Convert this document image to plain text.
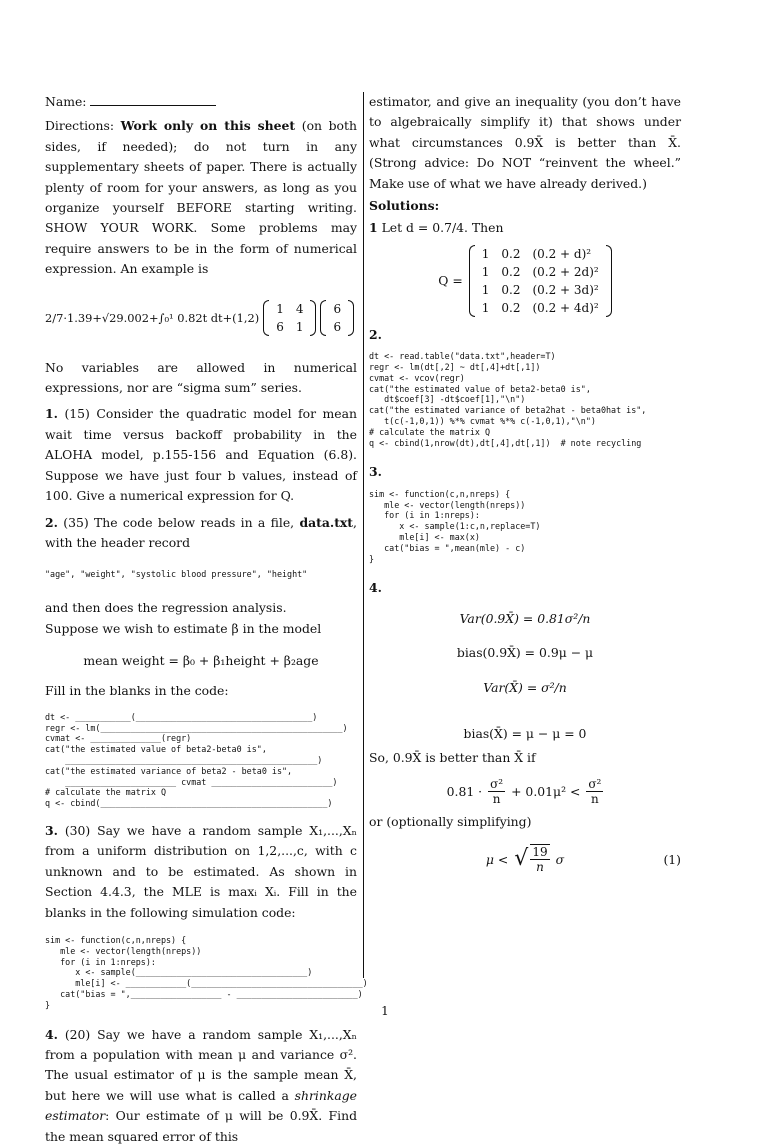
Name:

Directions: Work only on this sheet (on both sides, if needed); do not turn in any supplementary sheets of paper. There is actually plenty of room for your answers, as long as you organize yourself BEFORE starting writing. SHOW YOUR WORK. Some problems may require answers to be in the form of numerical expression. An example is

2/7·1.39+√29.002+∫₀¹ 0.82t dt+(1,2)
1	4
6	1
6
6

No variables are allowed in numerical expressions, nor are “sigma sum” series.

1. (15) Consider the quadratic model for mean wait time versus backoff probability in the ALOHA model, p.155-156 and Equation (6.8). Suppose we have just four b values, instead of 100. Give a numerical expression for Q.

2. (35) The code below reads in a file, data.txt, with the header record

"age", "weight", "systolic blood pressure", "height"

and then does the regression analysis.

Suppose we wish to estimate β in the model

mean weight = β₀ + β₁height + β₂age

Fill in the blanks in the code:

dt <- ___________(___________________________________)
regr <- lm(________________________________________________)
cvmat <- ______________(regr)
cat("the estimated value of beta2-beta0 is",
__________________________________________________)
cat("the estimated variance of beta2 - beta0 is",
______________________ cvmat ________________________)
# calculate the matrix Q
q <- cbind(_____________________________________________)

3. (30) Say we have a random sample X₁,...,Xₙ from a uniform distribution on 1,2,...,c, with c unknown and to be estimated. As shown in Section 4.4.3, the MLE is maxᵢ Xᵢ. Fill in the blanks in the following simulation code:

sim <- function(c,n,nreps) {
mle <- vector(length(nreps))
for (i in 1:nreps):
x <- sample(__________________________________)
mle[i] <- ____________(__________________________________)
cat("bias = ",__________________ - ________________________)
}

4. (20) Say we have a random sample X₁,...,Xₙ from a population with mean μ and variance σ². The usual estimator of μ is the sample mean X̄, but here we will use what is called a shrinkage estimator: Our estimate of μ will be 0.9X̄. Find the mean squared error of this

estimator, and give an inequality (you don’t have to algebraically simplify it) that shows under what circumstances 0.9X̄ is better than X̄. (Strong advice: Do NOT “reinvent the wheel.” Make use of what we have already derived.)

Solutions:

1 Let d = 0.7/4. Then

Q =
1	0.2	(0.2 + d)²
1	0.2	(0.2 + 2d)²
1	0.2	(0.2 + 3d)²
1	0.2	(0.2 + 4d)²

2.

dt <- read.table("data.txt",header=T)
regr <- lm(dt[,2] ~ dt[,4]+dt[,1])
cvmat <- vcov(regr)
cat("the estimated value of beta2-beta0 is",
dt$coef[3] -dt$coef[1],"\n")
cat("the estimated variance of beta2hat - beta0hat is",
t(c(-1,0,1)) %*% cvmat %*% c(-1,0,1),"\n")
# calculate the matrix Q
q <- cbind(1,nrow(dt),dt[,4],dt[,1])  # note recycling

3.

sim <- function(c,n,nreps) {
mle <- vector(length(nreps))
for (i in 1:nreps):
x <- sample(1:c,n,replace=T)
mle[i] <- max(x)
cat("bias = ",mean(mle) - c)
}

4.

Var(0.9X̄) = 0.81σ²/n

bias(0.9X̄) = 0.9μ − μ

Var(X̄) = σ²/n

bias(X̄) = μ − μ = 0

So, 0.9X̄ is better than X̄ if

$0.81 \cdot \frac{\text{σ²}}{n} + 0.01\mu^2 < \frac{\text{σ²}}{n}$

or (optionally simplifying)

μ < √ $\frac{19}{n}$ σ	(1)
1
